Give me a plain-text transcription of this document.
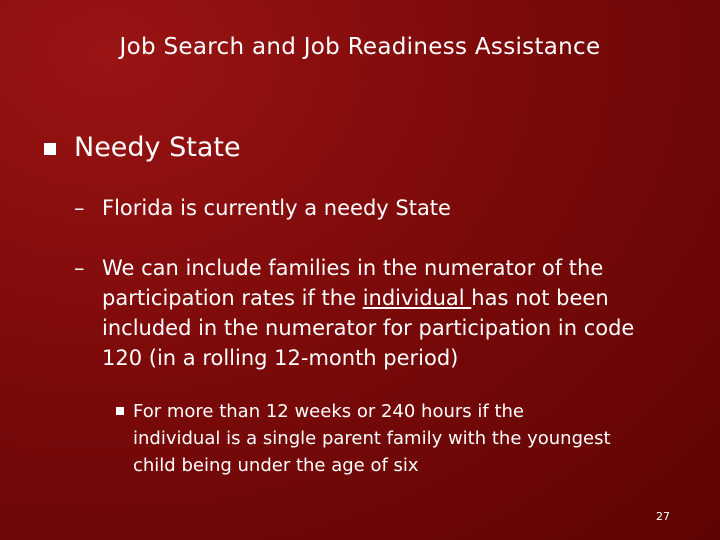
Job Search and Job Readiness Assistance
Needy State
– Florida is currently a needy State
– We can include families in the numerator of the participation rates if the individual has not been included in the numerator for participation in code 120 (in a rolling 12-month period)
For more than 12 weeks or 240 hours if the individual is a single parent family with the youngest child being under the age of six
27
